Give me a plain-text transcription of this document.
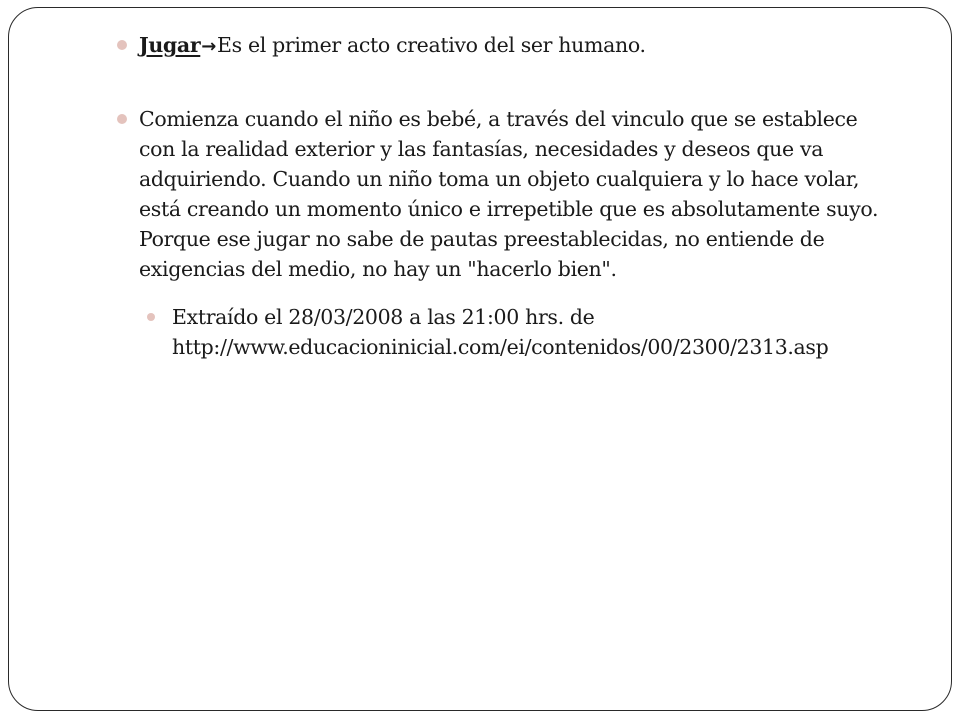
Jugar→Es el primer acto creativo del ser humano.
Comienza cuando el niño es bebé, a través del vinculo que se establece con la realidad exterior y las fantasías, necesidades y deseos que va adquiriendo. Cuando un niño toma un objeto cualquiera y lo hace volar, está creando un momento único e irrepetible que es absolutamente suyo. Porque ese jugar no sabe de pautas preestablecidas, no entiende de exigencias del medio, no hay un "hacerlo bien".
Extraído el 28/03/2008 a las 21:00 hrs. de http://www.educacioninicial.com/ei/contenidos/00/2300/2313.asp
